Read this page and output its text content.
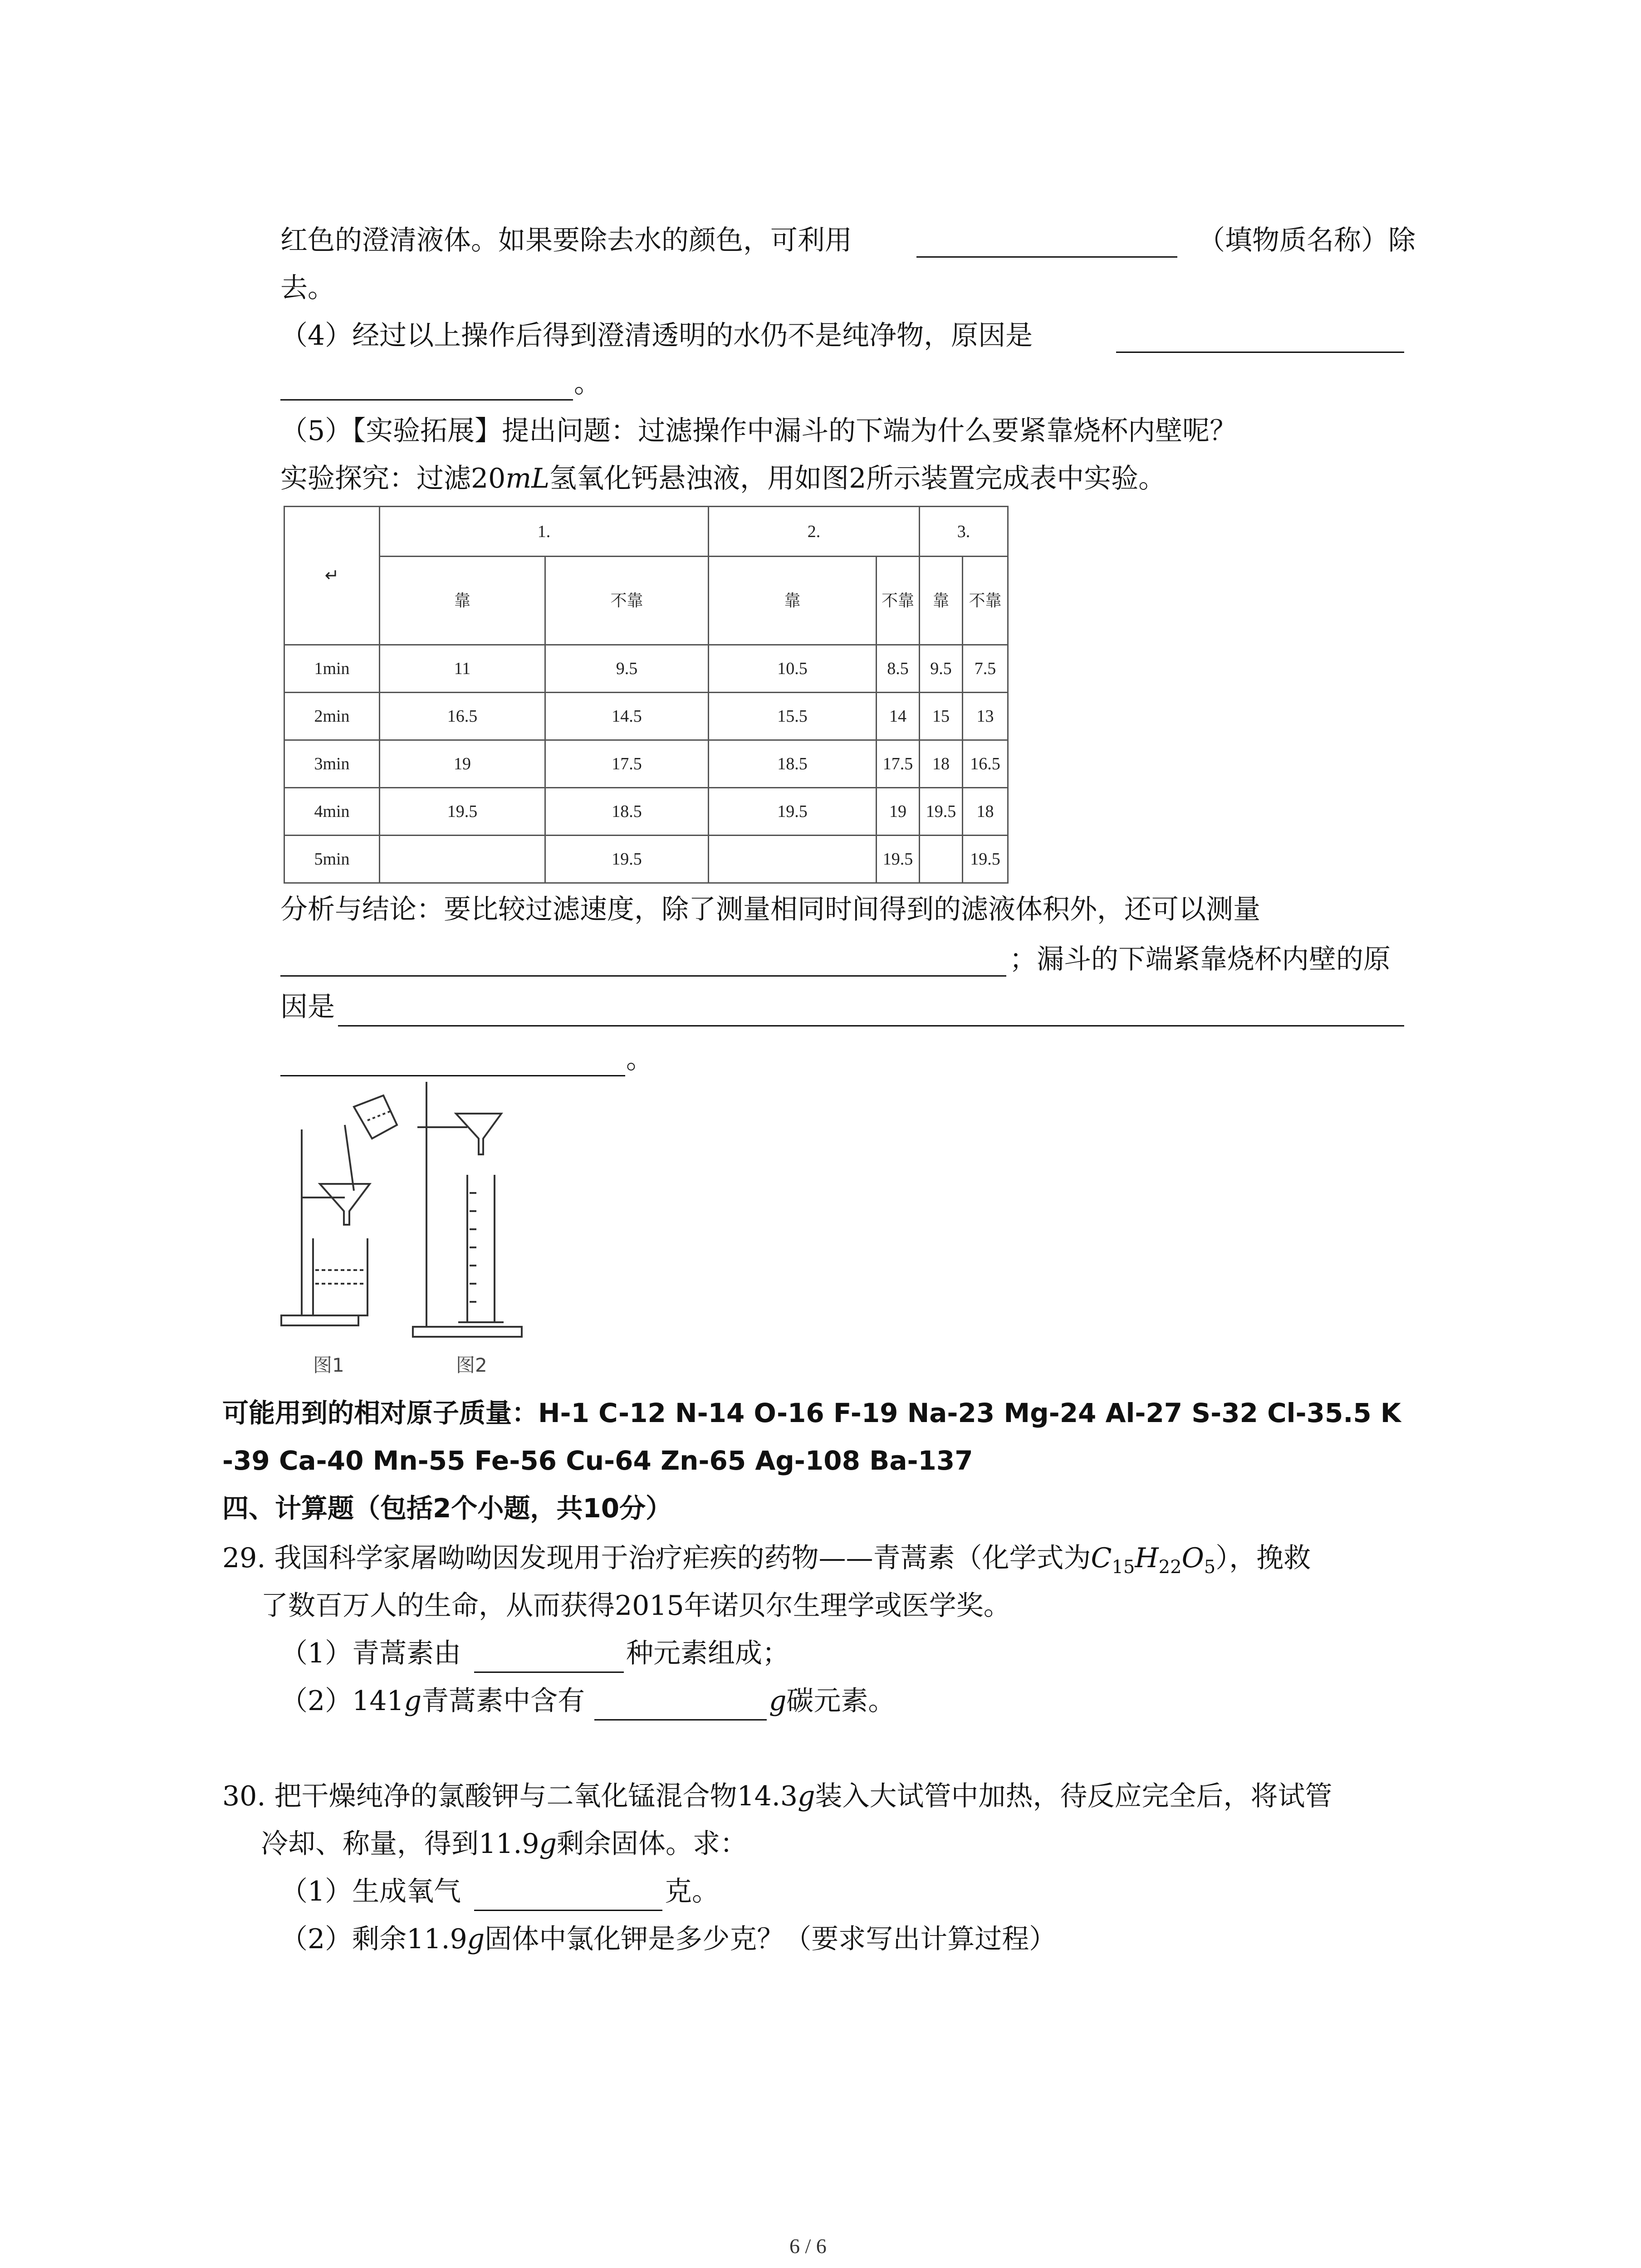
红色的澄清液体。如果要除去水的颜色，可利用	（填物质名称）除
去。
（4）经过以上操作后得到澄清透明的水仍不是纯净物，原因是
。
（5）【实验拓展】提出问题：过滤操作中漏斗的下端为什么要紧靠烧杯内壁呢？
实验探究：过滤20mL氢氧化钙悬浊液，用如图2所示装置完成表中实验。
↵	1.		2.		3.	
	靠	不靠	靠	不靠	靠	不靠
1min	11	9.5	10.5	8.5	9.5	7.5
2min	16.5	14.5	15.5	14	15	13
3min	19	17.5	18.5	17.5	18	16.5
4min	19.5	18.5	19.5	19	19.5	18
5min		19.5		19.5		19.5
分析与结论：要比较过滤速度，除了测量相同时间得到的滤液体积外，还可以测量
；漏斗的下端紧靠烧杯内壁的原
因是
。
图1	图2
可能用到的相对原子质量：H-1 C-12 N-14 O-16 F-19 Na-23 Mg-24 Al-27 S-32 Cl-35.5 K
-39 Ca-40 Mn-55 Fe-56 Cu-64 Zn-65 Ag-108 Ba-137
四、计算题（包括2个小题，共10分）
29. 我国科学家屠呦呦因发现用于治疗疟疾的药物——青蒿素（化学式为$C_{15}H_{22}O_5$），挽救
了数百万人的生命，从而获得2015年诺贝尔生理学或医学奖。
（1）青蒿素由	种元素组成；
（2）141g青蒿素中含有	g碳元素。
30. 把干燥纯净的氯酸钾与二氧化锰混合物14.3g装入大试管中加热，待反应完全后，将试管
冷却、称量，得到11.9g剩余固体。求：
（1）生成氧气	克。
（2）剩余11.9g固体中氯化钾是多少克？（要求写出计算过程）
6 / 6
